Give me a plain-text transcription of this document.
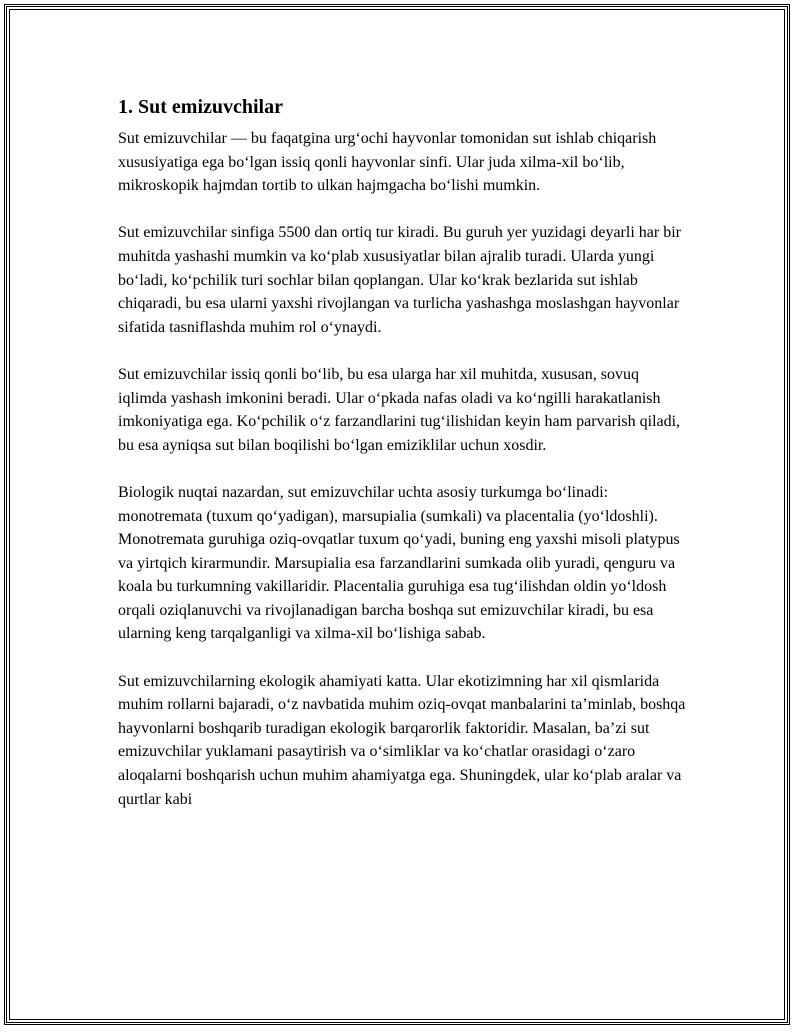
1. Sut emizuvchilar

Sut emizuvchilar — bu faqatgina urg‘ochi hayvonlar tomonidan sut ishlab chiqarish xususiyatiga ega bo‘lgan issiq qonli hayvonlar sinfi. Ular juda xilma-xil bo‘lib, mikroskopik hajmdan tortib to ulkan hajmgacha bo‘lishi mumkin.

Sut emizuvchilar sinfiga 5500 dan ortiq tur kiradi. Bu guruh yer yuzidagi deyarli har bir muhitda yashashi mumkin va ko‘plab xususiyatlar bilan ajralib turadi. Ularda yungi bo‘ladi, ko‘pchilik turi sochlar bilan qoplangan. Ular ko‘krak bezlarida sut ishlab chiqaradi, bu esa ularni yaxshi rivojlangan va turlicha yashashga moslashgan hayvonlar sifatida tasniflashda muhim rol o‘ynaydi.

Sut emizuvchilar issiq qonli bo‘lib, bu esa ularga har xil muhitda, xususan, sovuq iqlimda yashash imkonini beradi. Ular o‘pkada nafas oladi va ko‘ngilli harakatlanish imkoniyatiga ega. Ko‘pchilik o‘z farzandlarini tug‘ilishidan keyin ham parvarish qiladi, bu esa ayniqsa sut bilan boqilishi bo‘lgan emiziklilar uchun xosdir.

Biologik nuqtai nazardan, sut emizuvchilar uchta asosiy turkumga bo‘linadi: monotremata (tuxum qo‘yadigan), marsupialia (sumkali) va placentalia (yo‘ldoshli). Monotremata guruhiga oziq-ovqatlar tuxum qo‘yadi, buning eng yaxshi misoli platypus va yirtqich kirarmundir. Marsupialia esa farzandlarini sumkada olib yuradi, qenguru va koala bu turkumning vakillaridir. Placentalia guruhiga esa tug‘ilishdan oldin yo‘ldosh orqali oziqlanuvchi va rivojlanadigan barcha boshqa sut emizuvchilar kiradi, bu esa ularning keng tarqalganligi va xilma-xil bo‘lishiga sabab.

Sut emizuvchilarning ekologik ahamiyati katta. Ular ekotizimning har xil qismlarida muhim rollarni bajaradi, o‘z navbatida muhim oziq-ovqat manbalarini ta’minlab, boshqa hayvonlarni boshqarib turadigan ekologik barqarorlik faktoridir. Masalan, ba’zi sut emizuvchilar yuklamani pasaytirish va o‘simliklar va ko‘chatlar orasidagi o‘zaro aloqalarni boshqarish uchun muhim ahamiyatga ega. Shuningdek, ular ko‘plab aralar va qurtlar kabi
